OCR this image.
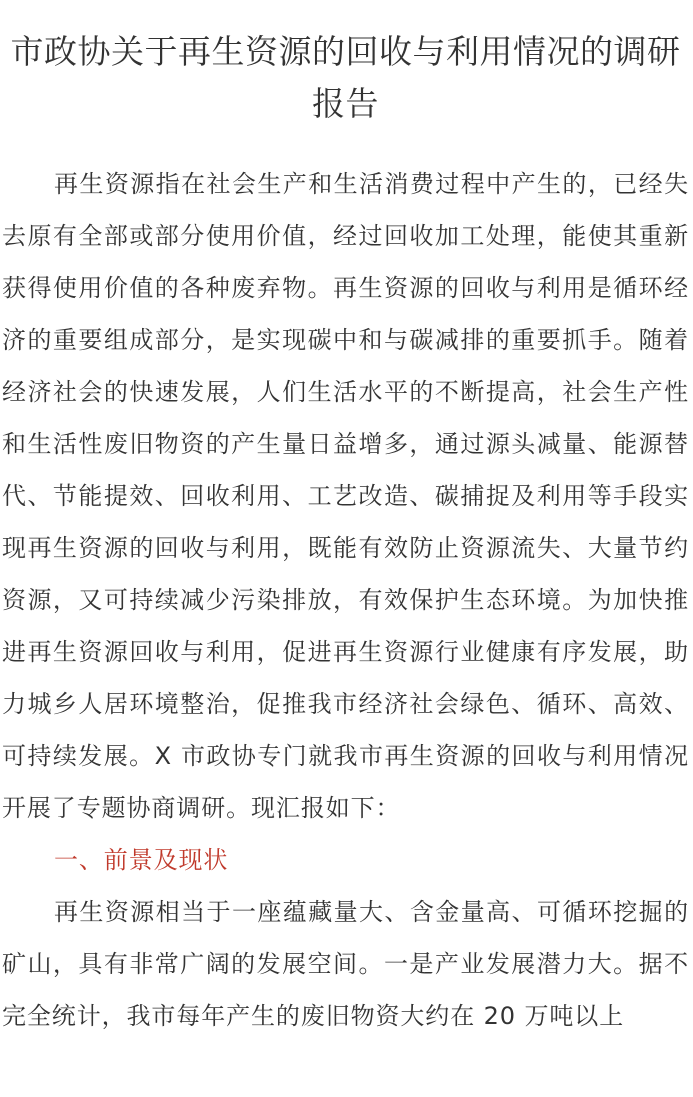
市政协关于再生资源的回收与利用情况的调研报告

再生资源指在社会生产和生活消费过程中产生的，已经失去原有全部或部分使用价值，经过回收加工处理，能使其重新获得使用价值的各种废弃物。再生资源的回收与利用是循环经济的重要组成部分，是实现碳中和与碳减排的重要抓手。随着经济社会的快速发展，人们生活水平的不断提高，社会生产性和生活性废旧物资的产生量日益增多，通过源头减量、能源替代、节能提效、回收利用、工艺改造、碳捕捉及利用等手段实现再生资源的回收与利用，既能有效防止资源流失、大量节约资源，又可持续减少污染排放，有效保护生态环境。为加快推进再生资源回收与利用，促进再生资源行业健康有序发展，助力城乡人居环境整治，促推我市经济社会绿色、循环、高效、可持续发展。X 市政协专门就我市再生资源的回收与利用情况开展了专题协商调研。现汇报如下：

一、前景及现状

再生资源相当于一座蕴藏量大、含金量高、可循环挖掘的矿山，具有非常广阔的发展空间。一是产业发展潜力大。据不完全统计，我市每年产生的废旧物资大约在 20 万吨以上
